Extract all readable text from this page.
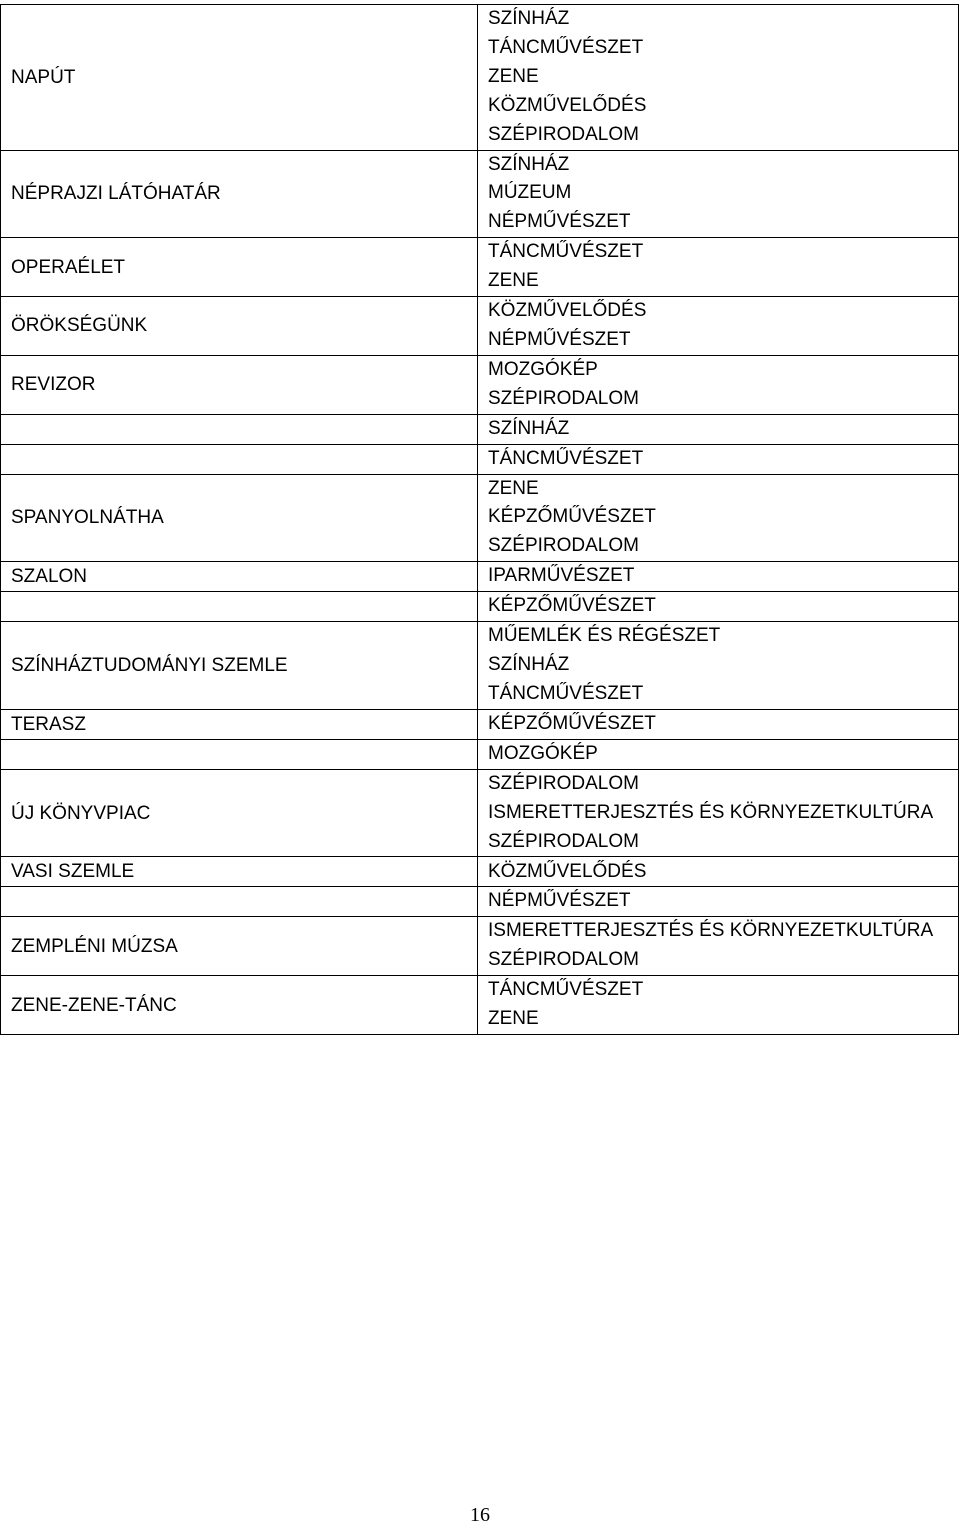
NAPÚT	SZÍNHÁZ
TÁNCMŰVÉSZET
ZENE
KÖZMŰVELŐDÉS
SZÉPIRODALOM

NÉPRAJZI LÁTÓHATÁR	SZÍNHÁZ
MÚZEUM
NÉPMŰVÉSZET

OPERAÉLET	TÁNCMŰVÉSZET
ZENE

ÖRÖKSÉGÜNK	KÖZMŰVELŐDÉS
NÉPMŰVÉSZET

REVIZOR	MOZGÓKÉP
SZÉPIRODALOM

	SZÍNHÁZ

	TÁNCMŰVÉSZET

SPANYOLNÁTHA	ZENE
KÉPZŐMŰVÉSZET
SZÉPIRODALOM

SZALON	IPARMŰVÉSZET

	KÉPZŐMŰVÉSZET

SZÍNHÁZTUDOMÁNYI SZEMLE	MŰEMLÉK ÉS RÉGÉSZET
SZÍNHÁZ
TÁNCMŰVÉSZET

TERASZ	KÉPZŐMŰVÉSZET

	MOZGÓKÉP

ÚJ KÖNYVPIAC	SZÉPIRODALOM
ISMERETTERJESZTÉS ÉS KÖRNYEZETKULTÚRA
SZÉPIRODALOM

VASI SZEMLE	KÖZMŰVELŐDÉS

	NÉPMŰVÉSZET

ZEMPLÉNI MÚZSA	ISMERETTERJESZTÉS ÉS KÖRNYEZETKULTÚRA
SZÉPIRODALOM

ZENE-ZENE-TÁNC	TÁNCMŰVÉSZET
ZENE
16
